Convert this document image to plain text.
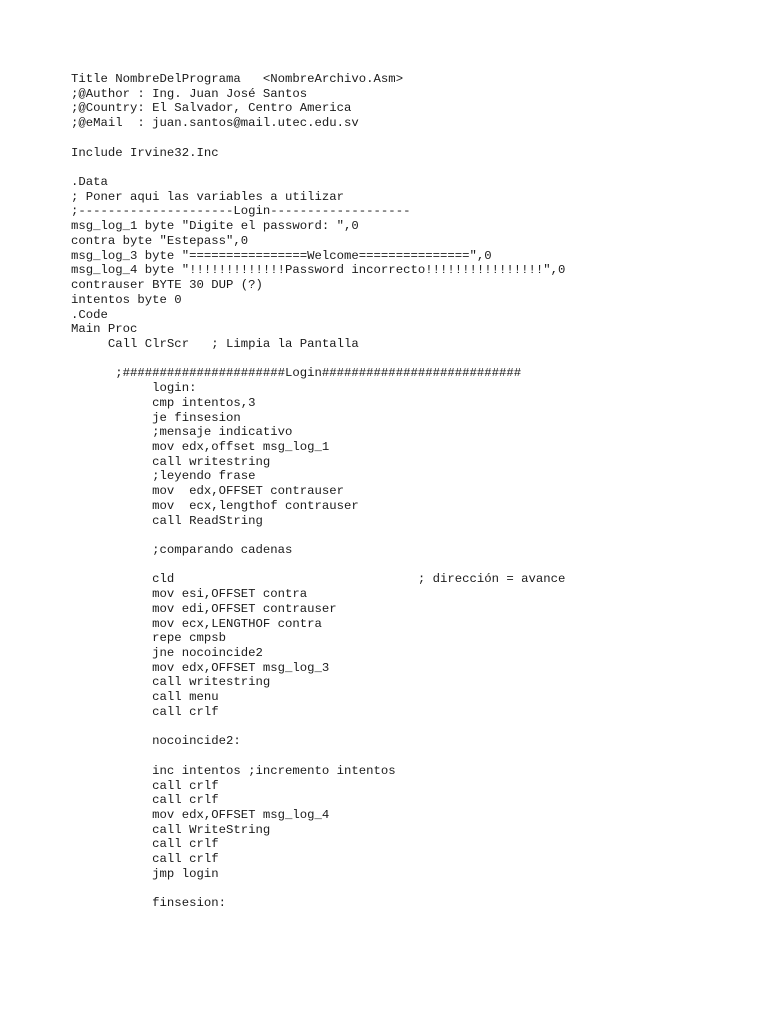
Title NombreDelPrograma   <NombreArchivo.Asm>
;@Author : Ing. Juan José Santos
;@Country: El Salvador, Centro America
;@eMail  : juan.santos@mail.utec.edu.sv
Include Irvine32.Inc
.Data
; Poner aqui las variables a utilizar
;---------------------Login-------------------
msg_log_1 byte "Digite el password: ",0
contra byte "Estepass",0
msg_log_3 byte "================Welcome===============",0
msg_log_4 byte "!!!!!!!!!!!!!Password incorrecto!!!!!!!!!!!!!!!!",0
contrauser BYTE 30 DUP (?)
intentos byte 0
.Code
Main Proc
Call ClrScr   ; Limpia la Pantalla
;######################Login###########################
login:
cmp intentos,3
je finsesion
;mensaje indicativo
mov edx,offset msg_log_1
call writestring
;leyendo frase
mov  edx,OFFSET contrauser
mov  ecx,lengthof contrauser
call ReadString
;comparando cadenas
cld                                 ; dirección = avance
mov esi,OFFSET contra
mov edi,OFFSET contrauser
mov ecx,LENGTHOF contra
repe cmpsb
jne nocoincide2
mov edx,OFFSET msg_log_3
call writestring
call menu
call crlf
nocoincide2:
inc intentos ;incremento intentos
call crlf
call crlf
mov edx,OFFSET msg_log_4
call WriteString
call crlf
call crlf
jmp login
finsesion:
